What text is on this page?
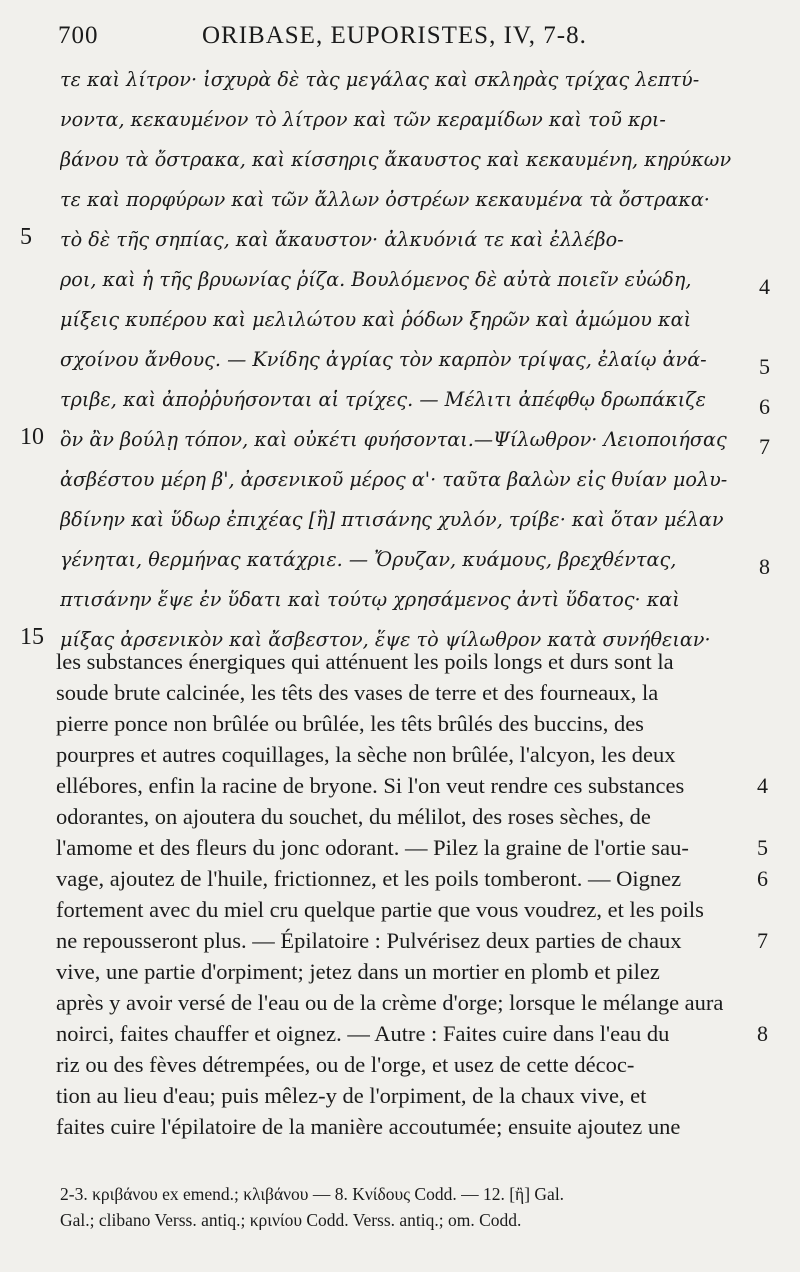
700	ORIBASE, EUPORISTES, IV, 7-8.
τε καὶ λίτρον· ἰσχυρὰ δὲ τὰς μεγάλας καὶ σκληρὰς τρίχας λεπτύ-
νοντα, κεκαυμένον τὸ λίτρον καὶ τῶν κεραμίδων καὶ τοῦ κρι-
βάνου τὰ ὄστρακα, καὶ κίσσηρις ἄκαυστος καὶ κεκαυμένη, κηρύκων
τε καὶ πορφύρων καὶ τῶν ἄλλων ὀστρέων κεκαυμένα τὰ ὄστρακα·
5 τὸ δὲ τῆς σηπίας, καὶ ἄκαυστον· ἀλκυόνιά τε καὶ ἐλλέβο-
ροι, καὶ ἡ τῆς βρυωνίας ῥίζα. Βουλόμενος δὲ αὐτὰ ποιεῖν εὐώδη,	4
μίξεις κυπέρου καὶ μελιλώτου καὶ ῥόδων ξηρῶν καὶ ἀμώμου καὶ
σχοίνου ἄνθους. — Κνίδης ἀγρίας τὸν καρπὸν τρίψας, ἐλαίῳ ἀνά-	5
τριβε, καὶ ἀποῤῥυήσονται αἱ τρίχες. — Μέλιτι ἀπέφθῳ δρωπάκιζε	6
10 ὃν ἂν βούλῃ τόπον, καὶ οὐκέτι φυήσονται.—Ψίλωθρον· Λειοποιήσας	7
ἀσβέστου μέρη β', ἀρσενικοῦ μέρος α'· ταῦτα βαλὼν εἰς θυίαν μολυ-
βδίνην καὶ ὕδωρ ἐπιχέας [ἢ] πτισάνης χυλόν, τρίβε· καὶ ὅταν μέλαν
γένηται, θερμήνας κατάχριε. — Ὄρυζαν, κυάμους, βρεχθέντας,	8
πτισάνην ἕψε ἐν ὕδατι καὶ τούτῳ χρησάμενος ἀντὶ ὕδατος· καὶ
15 μίξας ἀρσενικὸν καὶ ἄσβεστον, ἕψε τὸ ψίλωθρον κατὰ συνήθειαν·
les substances énergiques qui atténuent les poils longs et durs sont la
soude brute calcinée, les têts des vases de terre et des fourneaux, la
pierre ponce non brûlée ou brûlée, les têts brûlés des buccins, des
pourpres et autres coquillages, la sèche non brûlée, l'alcyon, les deux
ellébores, enfin la racine de bryone. Si l'on veut rendre ces substances	4
odorantes, on ajoutera du souchet, du mélilot, des roses sèches, de
l'amome et des fleurs du jonc odorant. — Pilez la graine de l'ortie sau-	5
vage, ajoutez de l'huile, frictionnez, et les poils tomberont. — Oignez	6
fortement avec du miel cru quelque partie que vous voudrez, et les poils
ne repousseront plus. — Épilatoire : Pulvérisez deux parties de chaux	7
vive, une partie d'orpiment; jetez dans un mortier en plomb et pilez
après y avoir versé de l'eau ou de la crème d'orge; lorsque le mélange aura
noirci, faites chauffer et oignez. — Autre : Faites cuire dans l'eau du	8
riz ou des fèves détrempées, ou de l'orge, et usez de cette décoc-
tion au lieu d'eau; puis mêlez-y de l'orpiment, de la chaux vive, et
faites cuire l'épilatoire de la manière accoutumée; ensuite ajoutez une
2-3. κριβάνου ex emend.; κλιβάνου — 8. Κνίδους Codd. — 12. [ἢ] Gal.
Gal.; clibano Verss. antiq.; κρινίου Codd. Verss. antiq.; om. Codd.
